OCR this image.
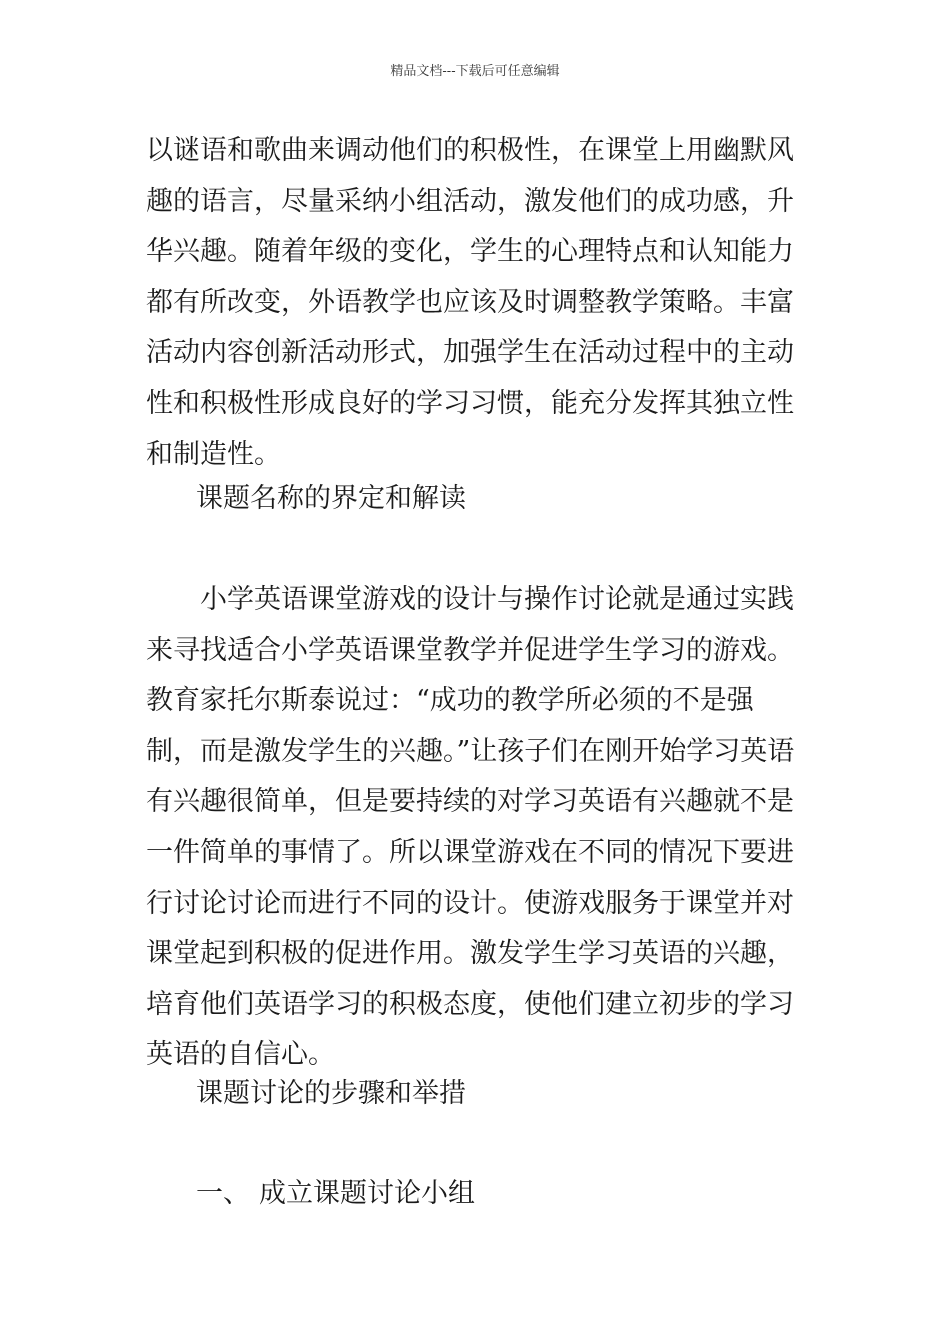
精品文档---下载后可任意编辑

以谜语和歌曲来调动他们的积极性，在课堂上用幽默风趣的语言，尽量采纳小组活动，激发他们的成功感，升华兴趣。随着年级的变化，学生的心理特点和认知能力都有所改变，外语教学也应该及时调整教学策略。丰富活动内容创新活动形式，加强学生在活动过程中的主动性和积极性形成良好的学习习惯，能充分发挥其独立性和制造性。

课题名称的界定和解读

小学英语课堂游戏的设计与操作讨论就是通过实践来寻找适合小学英语课堂教学并促进学生学习的游戏。教育家托尔斯泰说过：“成功的教学所必须的不是强制，而是激发学生的兴趣。”让孩子们在刚开始学习英语有兴趣很简单，但是要持续的对学习英语有兴趣就不是一件简单的事情了。所以课堂游戏在不同的情况下要进行讨论讨论而进行不同的设计。使游戏服务于课堂并对课堂起到积极的促进作用。激发学生学习英语的兴趣，培育他们英语学习的积极态度，使他们建立初步的学习英语的自信心。

课题讨论的步骤和举措

一、 成立课题讨论小组
